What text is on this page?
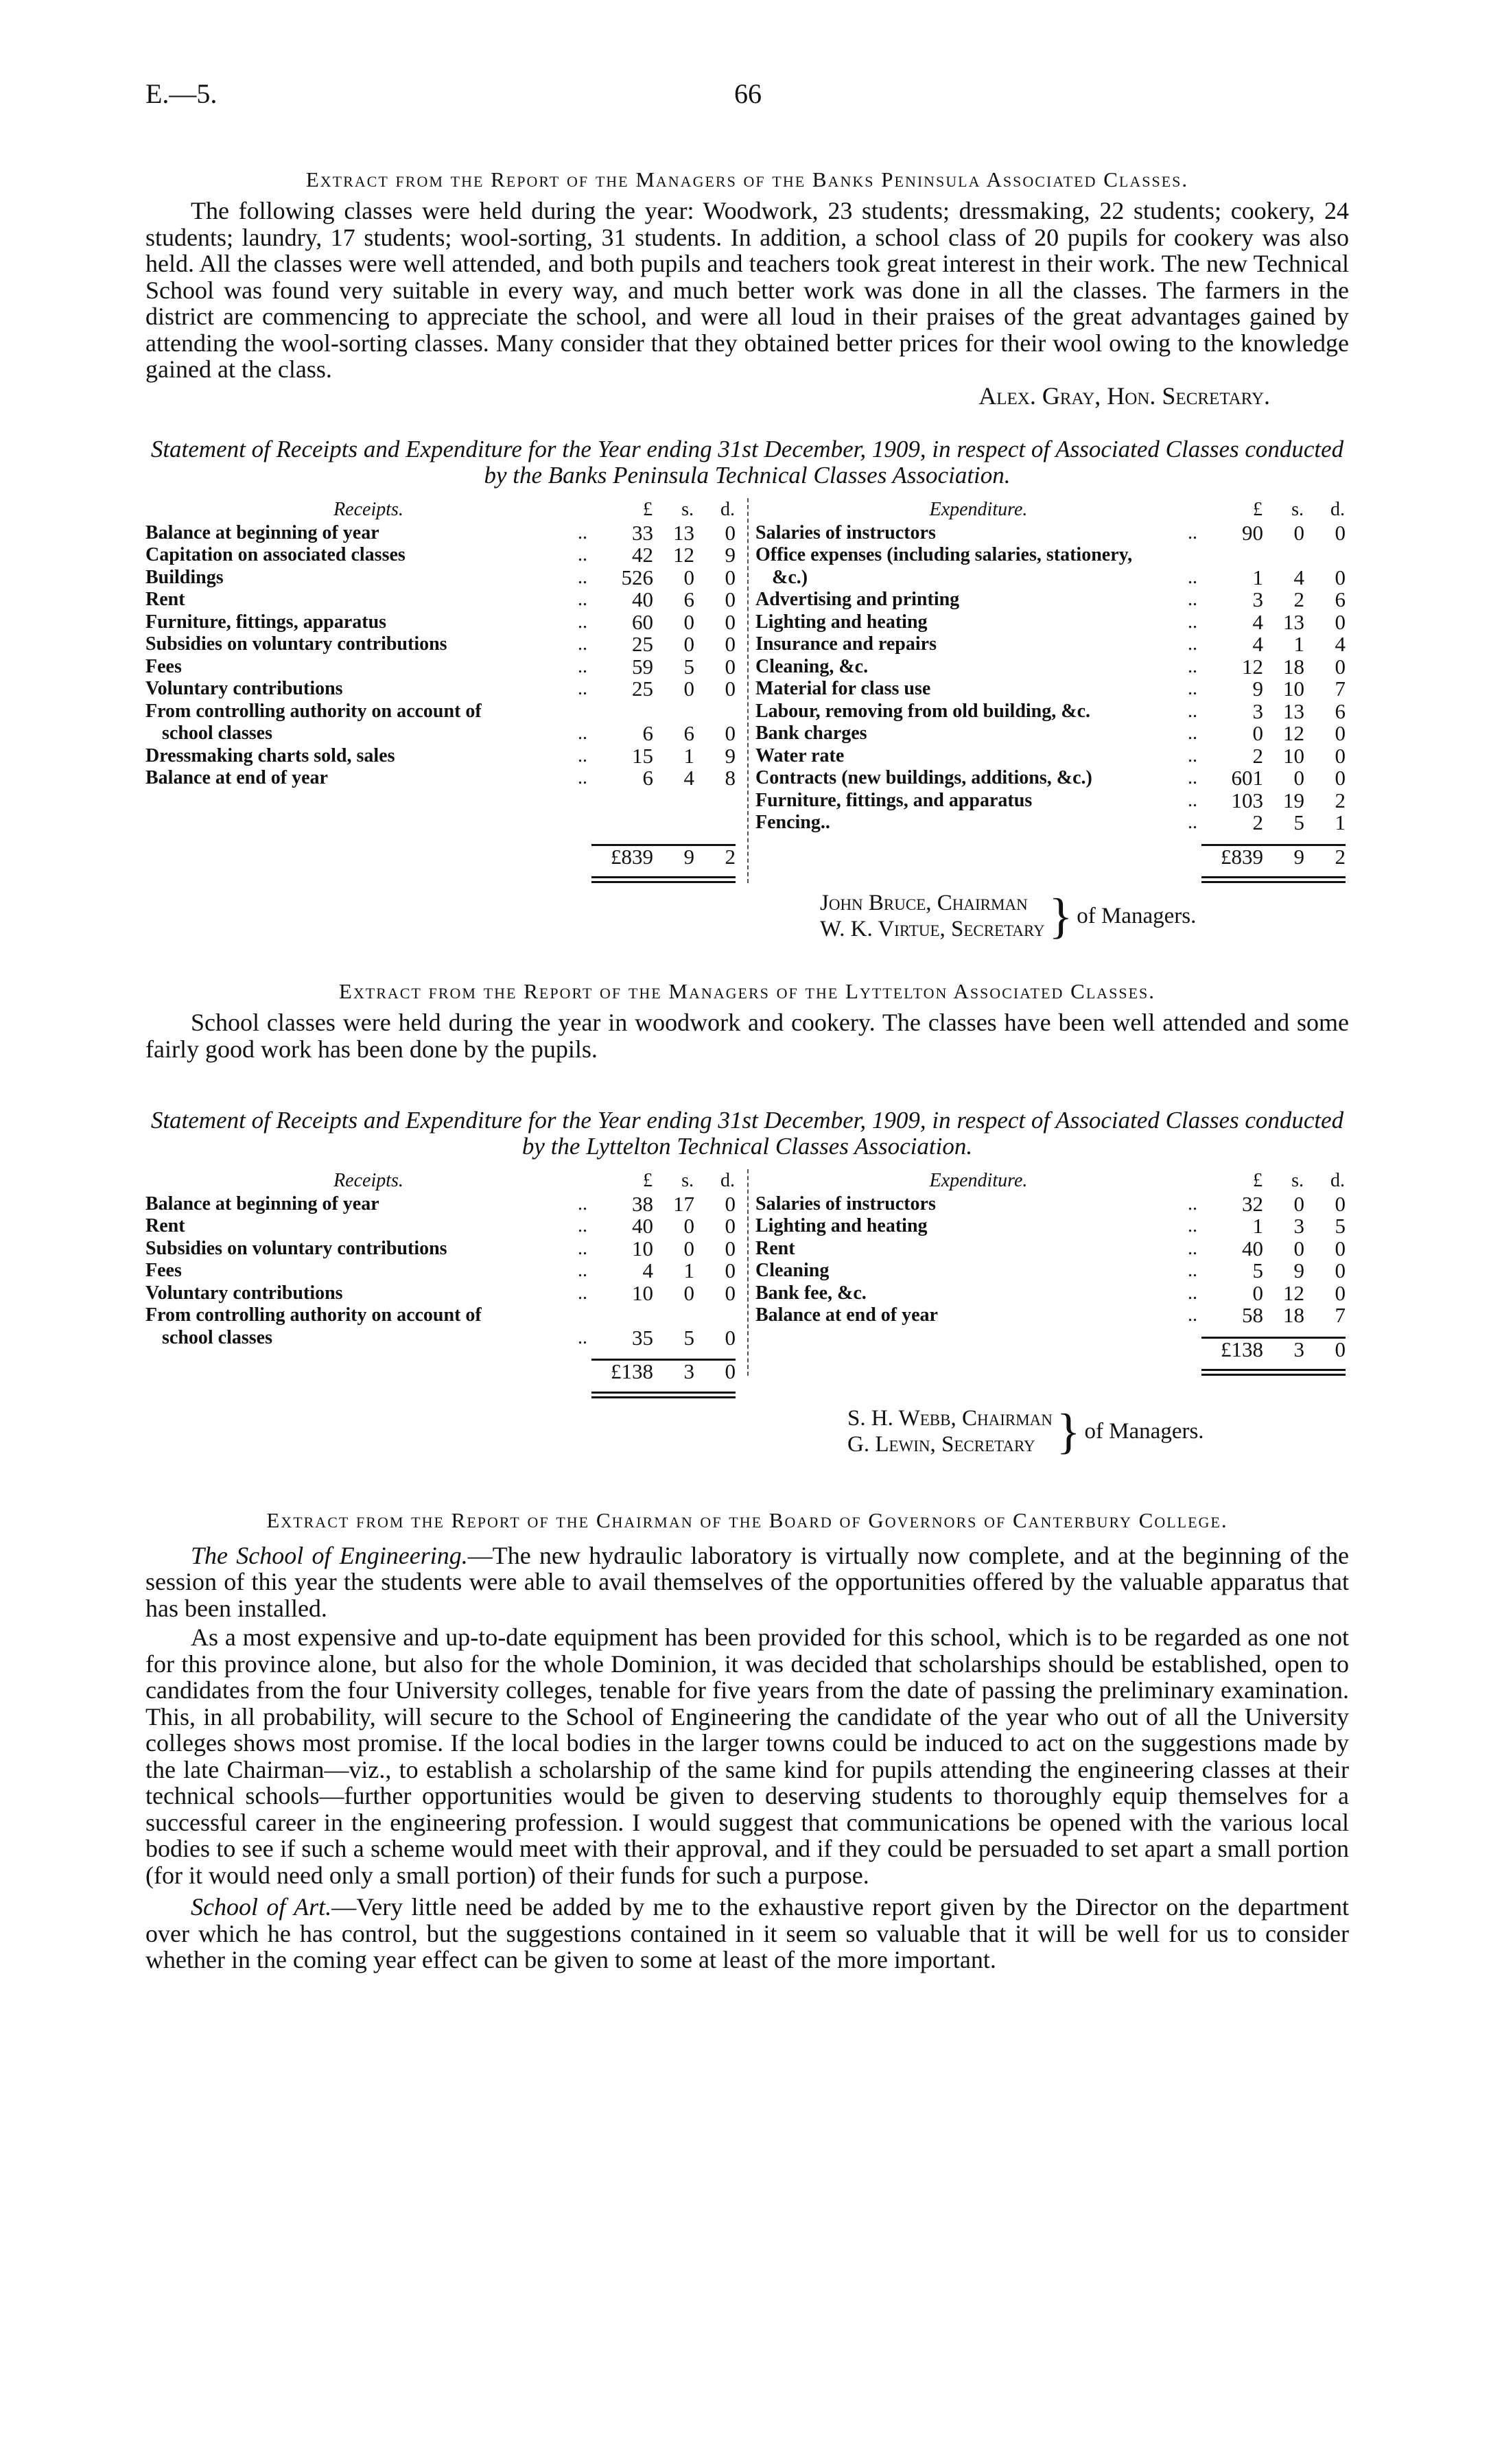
E.—5.	66
Extract from the Report of the Managers of the Banks Peninsula Associated Classes.

The following classes were held during the year: Woodwork, 23 students; dressmaking, 22 students; cookery, 24 students; laundry, 17 students; wool-sorting, 31 students. In addition, a school class of 20 pupils for cookery was also held. All the classes were well attended, and both pupils and teachers took great interest in their work. The new Technical School was found very suitable in every way, and much better work was done in all the classes. The farmers in the district are commencing to appreciate the school, and were all loud in their praises of the great advantages gained by attending the wool-sorting classes. Many consider that they obtained better prices for their wool owing to the knowledge gained at the class.

Alex. Gray, Hon. Secretary.
Statement of Receipts and Expenditure for the Year ending 31st December, 1909, in respect of Associated Classes conducted by the Banks Peninsula Technical Classes Association.
Receipts.		£	s.	d.
Balance at beginning of year	..	33	13	0
Capitation on associated classes	..	42	12	9
Buildings	..	526	0	0
Rent	..	40	6	0
Furniture, fittings, apparatus	..	60	0	0
Subsidies on voluntary contributions	..	25	0	0
Fees	..	59	5	0
Voluntary contributions	..	25	0	0
From controlling authority on account of				
school classes	..	6	6	0
Dressmaking charts sold, sales	..	15	1	9
Balance at end of year	..	6	4	8

		£839	9	2

Expenditure.		£	s.	d.
Salaries of instructors	..	90	0	0
Office expenses (including salaries, stationery,				
&c.)	..	1	4	0
Advertising and printing	..	3	2	6
Lighting and heating	..	4	13	0
Insurance and repairs	..	4	1	4
Cleaning, &c.	..	12	18	0
Material for class use	..	9	10	7
Labour, removing from old building, &c.	..	3	13	6
Bank charges	..	0	12	0
Water rate	..	2	10	0
Contracts (new buildings, additions, &c.)	..	601	0	0
Furniture, fittings, and apparatus	..	103	19	2
Fencing..	..	2	5	1

		£839	9	2

John Bruce, Chairman
W. K. Virtue, Secretary } of Managers.
Extract from the Report of the Managers of the Lyttelton Associated Classes.

School classes were held during the year in woodwork and cookery. The classes have been well attended and some fairly good work has been done by the pupils.

Statement of Receipts and Expenditure for the Year ending 31st December, 1909, in respect of Associated Classes conducted by the Lyttelton Technical Classes Association.
Receipts.		£	s.	d.
Balance at beginning of year	..	38	17	0
Rent	..	40	0	0
Subsidies on voluntary contributions	..	10	0	0
Fees	..	4	1	0
Voluntary contributions	..	10	0	0
From controlling authority on account of				
school classes	..	35	5	0

		£138	3	0

Expenditure.		£	s.	d.
Salaries of instructors	..	32	0	0
Lighting and heating	..	1	3	5
Rent	..	40	0	0
Cleaning	..	5	9	0
Bank fee, &c.	..	0	12	0
Balance at end of year	..	58	18	7

		£138	3	0

S. H. Webb, Chairman
G. Lewin, Secretary } of Managers.
Extract from the Report of the Chairman of the Board of Governors of Canterbury College.

The School of Engineering.—The new hydraulic laboratory is virtually now complete, and at the beginning of the session of this year the students were able to avail themselves of the opportunities offered by the valuable apparatus that has been installed.

As a most expensive and up-to-date equipment has been provided for this school, which is to be regarded as one not for this province alone, but also for the whole Dominion, it was decided that scholarships should be established, open to candidates from the four University colleges, tenable for five years from the date of passing the preliminary examination. This, in all probability, will secure to the School of Engineering the candidate of the year who out of all the University colleges shows most promise. If the local bodies in the larger towns could be induced to act on the suggestions made by the late Chairman—viz., to establish a scholarship of the same kind for pupils attending the engineering classes at their technical schools—further opportunities would be given to deserving students to thoroughly equip themselves for a successful career in the engineering profession. I would suggest that communications be opened with the various local bodies to see if such a scheme would meet with their approval, and if they could be persuaded to set apart a small portion (for it would need only a small portion) of their funds for such a purpose.

School of Art.—Very little need be added by me to the exhaustive report given by the Director on the department over which he has control, but the suggestions contained in it seem so valuable that it will be well for us to consider whether in the coming year effect can be given to some at least of the more important.
